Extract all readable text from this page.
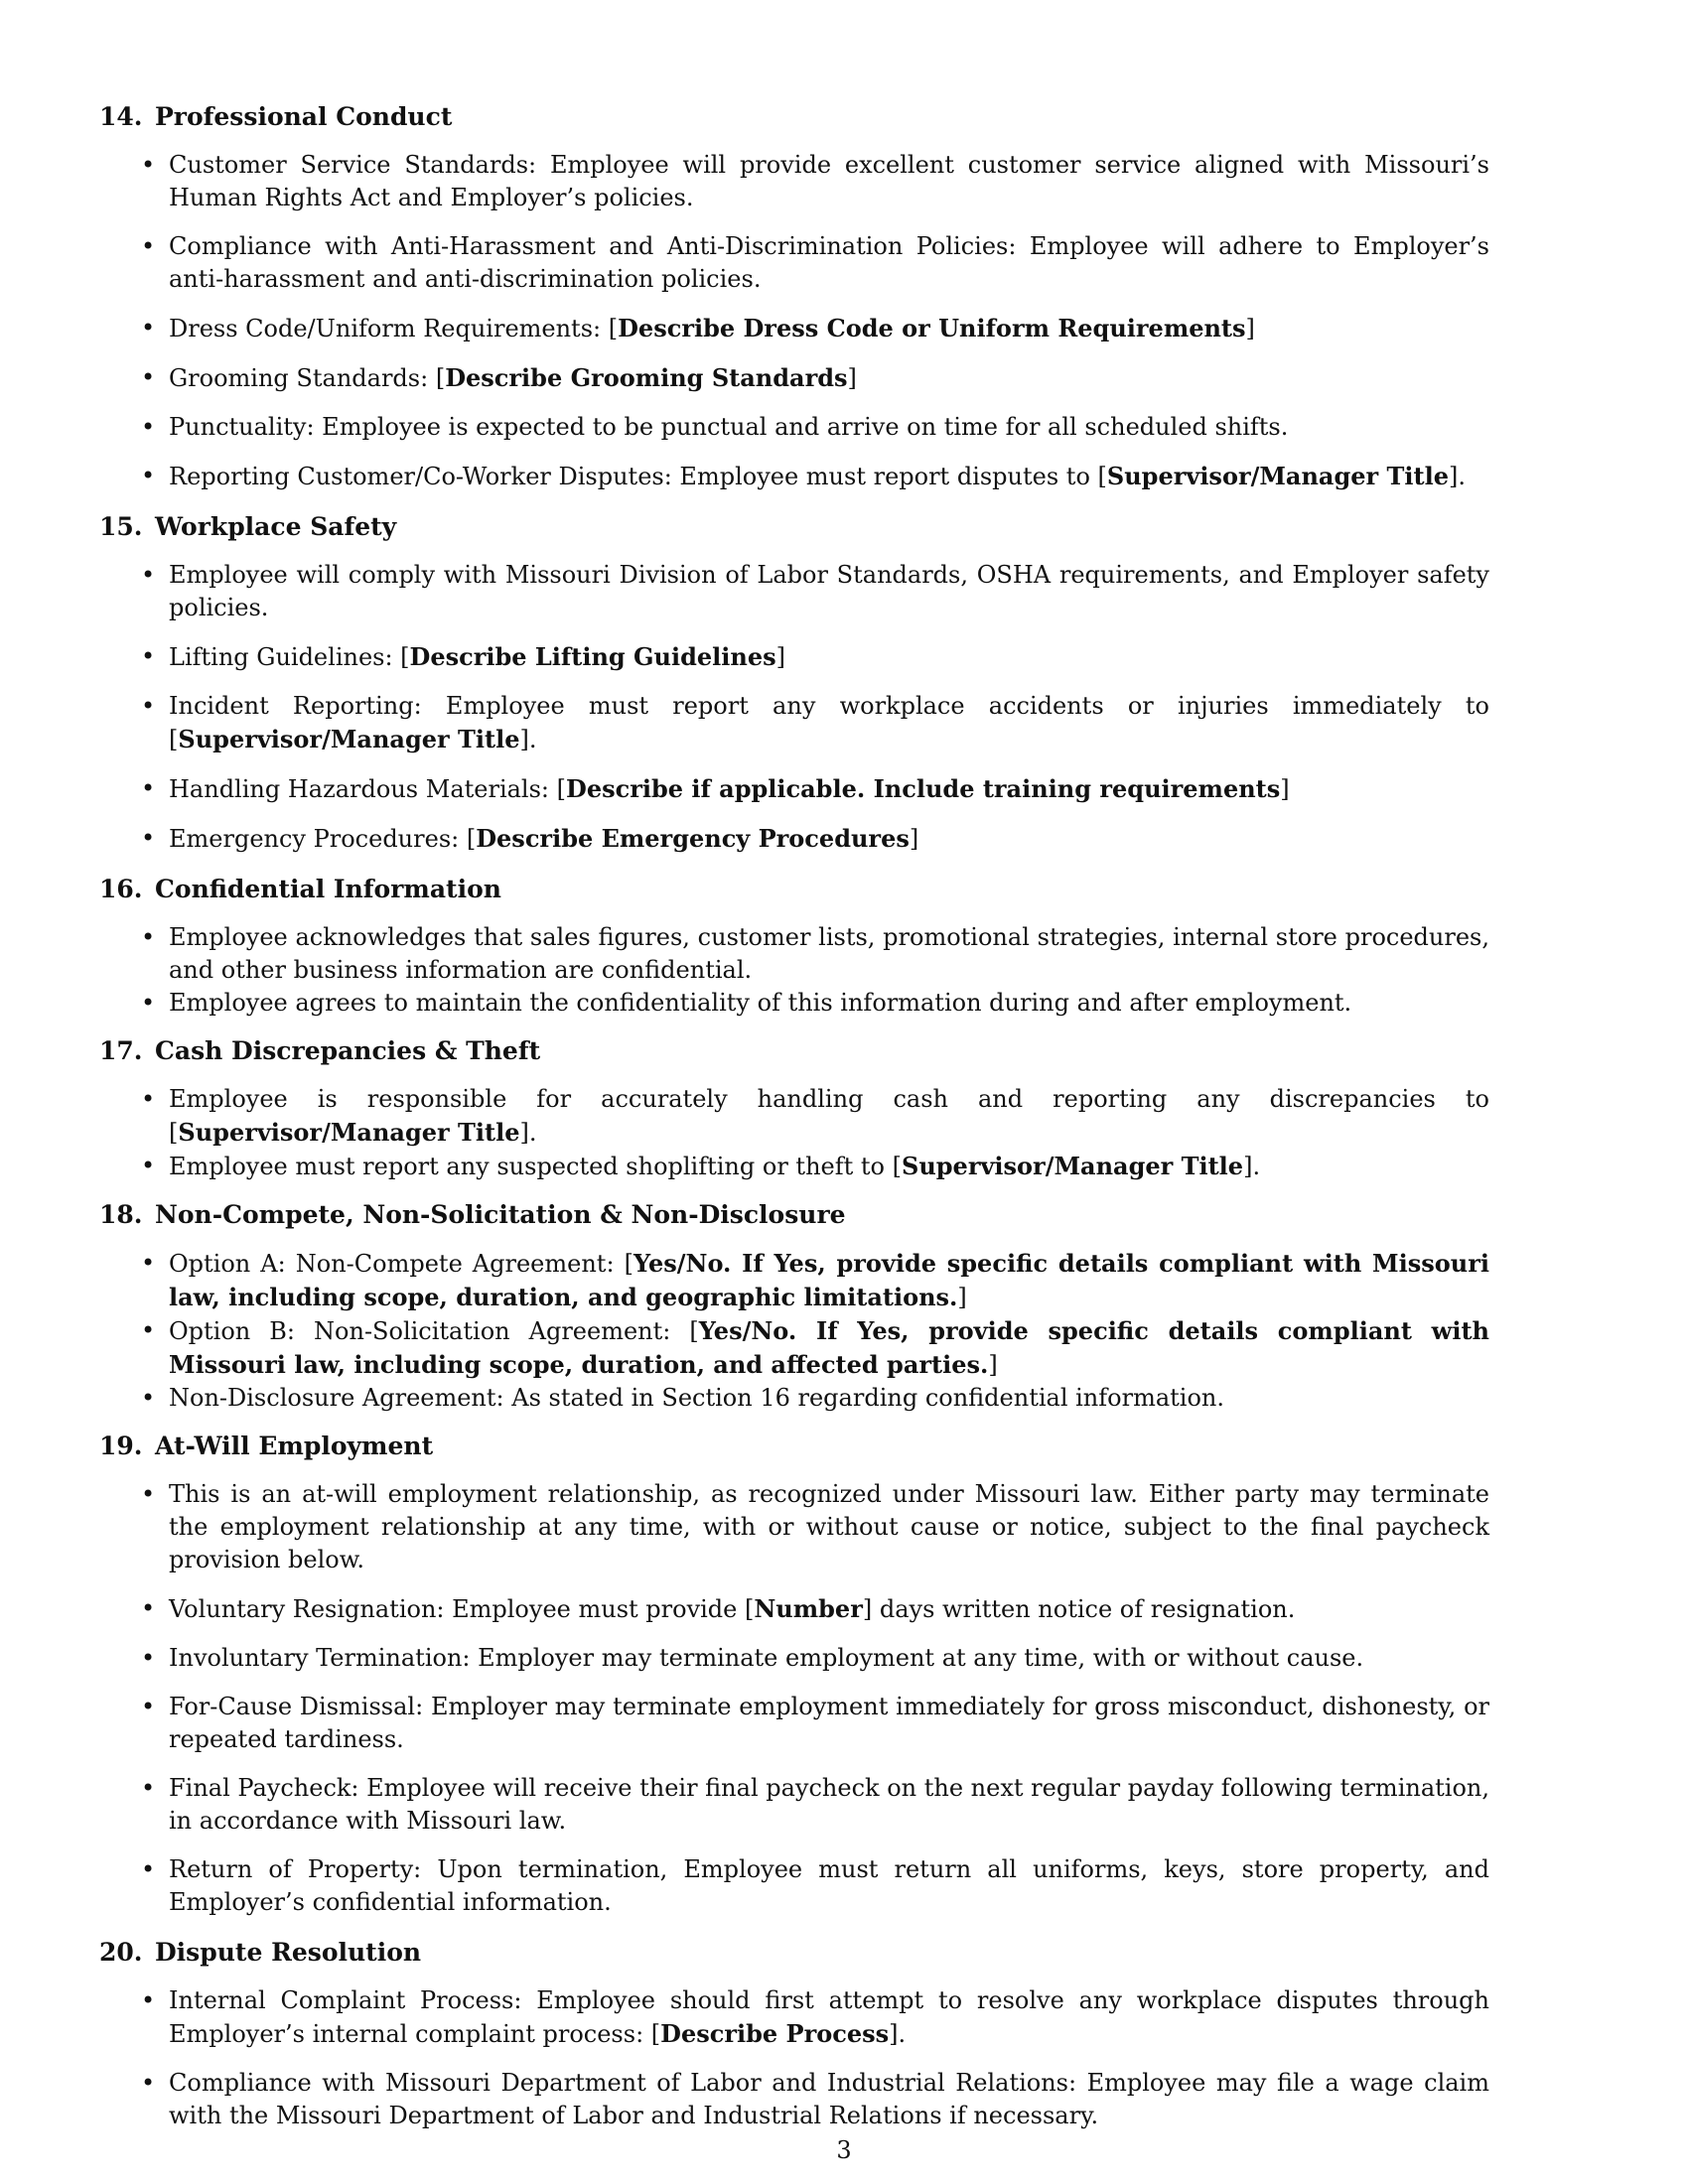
14. Professional Conduct
• Customer Service Standards: Employee will provide excellent customer service aligned with Missouri’s Human Rights Act and Employer’s policies.
• Compliance with Anti-Harassment and Anti-Discrimination Policies: Employee will adhere to Employer’s anti-harassment and anti-discrimination policies.
• Dress Code/Uniform Requirements: [Describe Dress Code or Uniform Requirements]
• Grooming Standards: [Describe Grooming Standards]
• Punctuality: Employee is expected to be punctual and arrive on time for all scheduled shifts.
• Reporting Customer/Co-Worker Disputes: Employee must report disputes to [Supervisor/Manager Title].
15. Workplace Safety
• Employee will comply with Missouri Division of Labor Standards, OSHA requirements, and Employer safety policies.
• Lifting Guidelines: [Describe Lifting Guidelines]
• Incident Reporting: Employee must report any workplace accidents or injuries immediately to [Supervisor/Manager Title].
• Handling Hazardous Materials: [Describe if applicable. Include training requirements]
• Emergency Procedures: [Describe Emergency Procedures]
16. Confidential Information
• Employee acknowledges that sales figures, customer lists, promotional strategies, internal store procedures, and other business information are confidential.
• Employee agrees to maintain the confidentiality of this information during and after employment.
17. Cash Discrepancies & Theft
• Employee is responsible for accurately handling cash and reporting any discrepancies to [Supervisor/Manager Title].
• Employee must report any suspected shoplifting or theft to [Supervisor/Manager Title].
18. Non-Compete, Non-Solicitation & Non-Disclosure
• Option A: Non-Compete Agreement: [Yes/No. If Yes, provide specific details compliant with Missouri law, including scope, duration, and geographic limitations.]
• Option B: Non-Solicitation Agreement: [Yes/No. If Yes, provide specific details compliant with Missouri law, including scope, duration, and affected parties.]
• Non-Disclosure Agreement: As stated in Section 16 regarding confidential information.
19. At-Will Employment
• This is an at-will employment relationship, as recognized under Missouri law. Either party may terminate the employment relationship at any time, with or without cause or notice, subject to the final paycheck provision below.
• Voluntary Resignation: Employee must provide [Number] days written notice of resignation.
• Involuntary Termination: Employer may terminate employment at any time, with or without cause.
• For-Cause Dismissal: Employer may terminate employment immediately for gross misconduct, dishonesty, or repeated tardiness.
• Final Paycheck: Employee will receive their final paycheck on the next regular payday following termination, in accordance with Missouri law.
• Return of Property: Upon termination, Employee must return all uniforms, keys, store property, and Employer’s confidential information.
20. Dispute Resolution
• Internal Complaint Process: Employee should first attempt to resolve any workplace disputes through Employer’s internal complaint process: [Describe Process].
• Compliance with Missouri Department of Labor and Industrial Relations: Employee may file a wage claim with the Missouri Department of Labor and Industrial Relations if necessary.
3
